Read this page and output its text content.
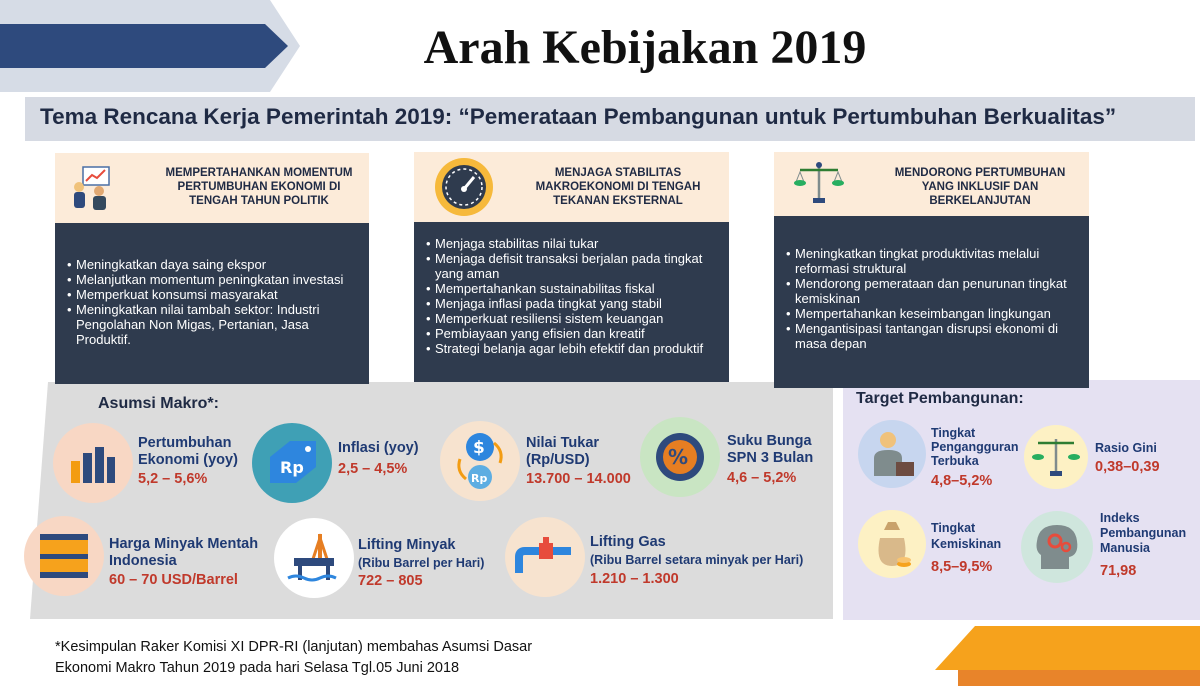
Arah Kebijakan 2019
Tema Rencana Kerja Pemerintah 2019: “Pemerataan Pembangunan untuk Pertumbuhan Berkualitas”
MEMPERTAHANKAN MOMENTUM
PERTUMBUHAN EKONOMI DI
TENGAH TAHUN POLITIK
• Meningkatkan daya saing ekspor
• Melanjutkan momentum peningkatan investasi
• Memperkuat konsumsi masyarakat
• Meningkatkan nilai tambah sektor: Industri Pengolahan Non Migas, Pertanian, Jasa Produktif.
MENJAGA STABILITAS
MAKROEKONOMI DI TENGAH
TEKANAN EKSTERNAL
• Menjaga stabilitas nilai tukar
• Menjaga defisit transaksi berjalan pada tingkat yang aman
• Mempertahankan sustainabilitas fiskal
• Menjaga inflasi pada tingkat yang stabil
• Memperkuat resiliensi sistem keuangan
• Pembiayaan yang efisien dan kreatif
• Strategi belanja agar lebih efektif dan produktif
MENDORONG PERTUMBUHAN
YANG INKLUSIF DAN
BERKELANJUTAN
• Meningkatkan tingkat produktivitas melalui reformasi struktural
• Mendorong pemerataan dan penurunan tingkat kemiskinan
• Mempertahankan keseimbangan lingkungan
• Mengantisipasi tantangan disrupsi ekonomi di masa depan
Asumsi Makro*:
Pertumbuhan
Ekonomi (yoy)
5,2 – 5,6%
Rp
Inflasi (yoy)
2,5 – 4,5%
$
Rp
Nilai Tukar
(Rp/USD)
13.700 – 14.000
%
Suku Bunga
SPN 3 Bulan
4,6 – 5,2%
Harga Minyak Mentah
Indonesia
60 – 70 USD/Barrel
Lifting Minyak
(Ribu Barrel per Hari)
722 – 805
Lifting Gas
(Ribu Barrel setara minyak per Hari)
1.210 – 1.300
Target Pembangunan:
Tingkat
Pengangguran
Terbuka
4,8–5,2%
Rasio Gini
0,38–0,39
Tingkat
Kemiskinan
8,5–9,5%
Indeks
Pembangunan
Manusia
71,98
*Kesimpulan Raker Komisi XI DPR-RI (lanjutan) membahas Asumsi Dasar
Ekonomi Makro Tahun 2019 pada hari Selasa Tgl.05 Juni 2018
